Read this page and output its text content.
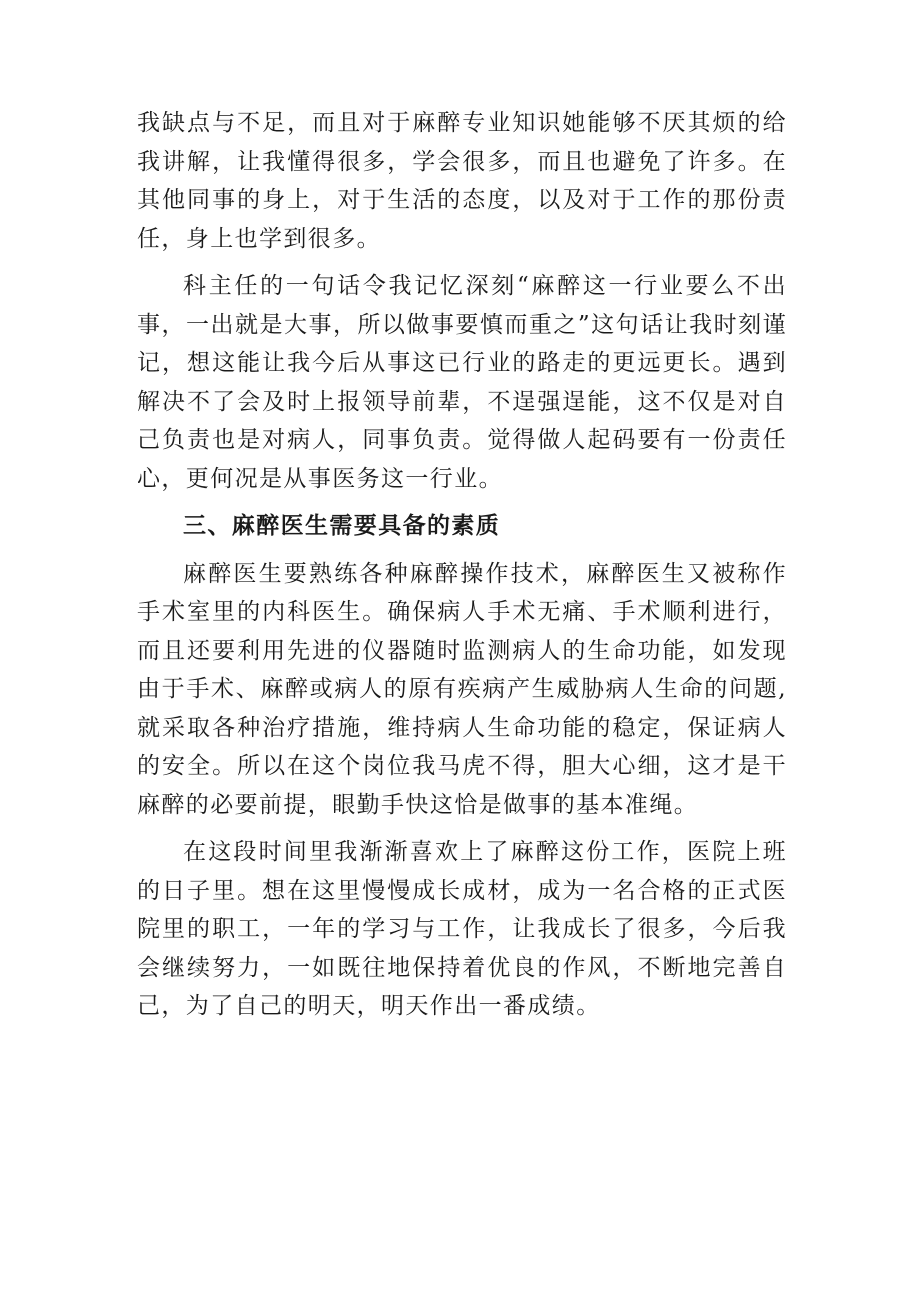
我缺点与不足，而且对于麻醉专业知识她能够不厌其烦的给我讲解，让我懂得很多，学会很多，而且也避免了许多。在其他同事的身上，对于生活的态度，以及对于工作的那份责任，身上也学到很多。

科主任的一句话令我记忆深刻“麻醉这一行业要么不出事，一出就是大事，所以做事要慎而重之”这句话让我时刻谨记，想这能让我今后从事这已行业的路走的更远更长。遇到解决不了会及时上报领导前辈，不逞强逞能，这不仅是对自己负责也是对病人，同事负责。觉得做人起码要有一份责任心，更何况是从事医务这一行业。

三、麻醉医生需要具备的素质

麻醉医生要熟练各种麻醉操作技术，麻醉医生又被称作手术室里的内科医生。确保病人手术无痛、手术顺利进行，而且还要利用先进的仪器随时监测病人的生命功能，如发现由于手术、麻醉或病人的原有疾病产生威胁病人生命的问题,就采取各种治疗措施，维持病人生命功能的稳定，保证病人的安全。所以在这个岗位我马虎不得，胆大心细，这才是干麻醉的必要前提，眼勤手快这恰是做事的基本准绳。

在这段时间里我渐渐喜欢上了麻醉这份工作，医院上班的日子里。想在这里慢慢成长成材，成为一名合格的正式医院里的职工，一年的学习与工作，让我成长了很多，今后我会继续努力，一如既往地保持着优良的作风，不断地完善自己，为了自己的明天，明天作出一番成绩。
